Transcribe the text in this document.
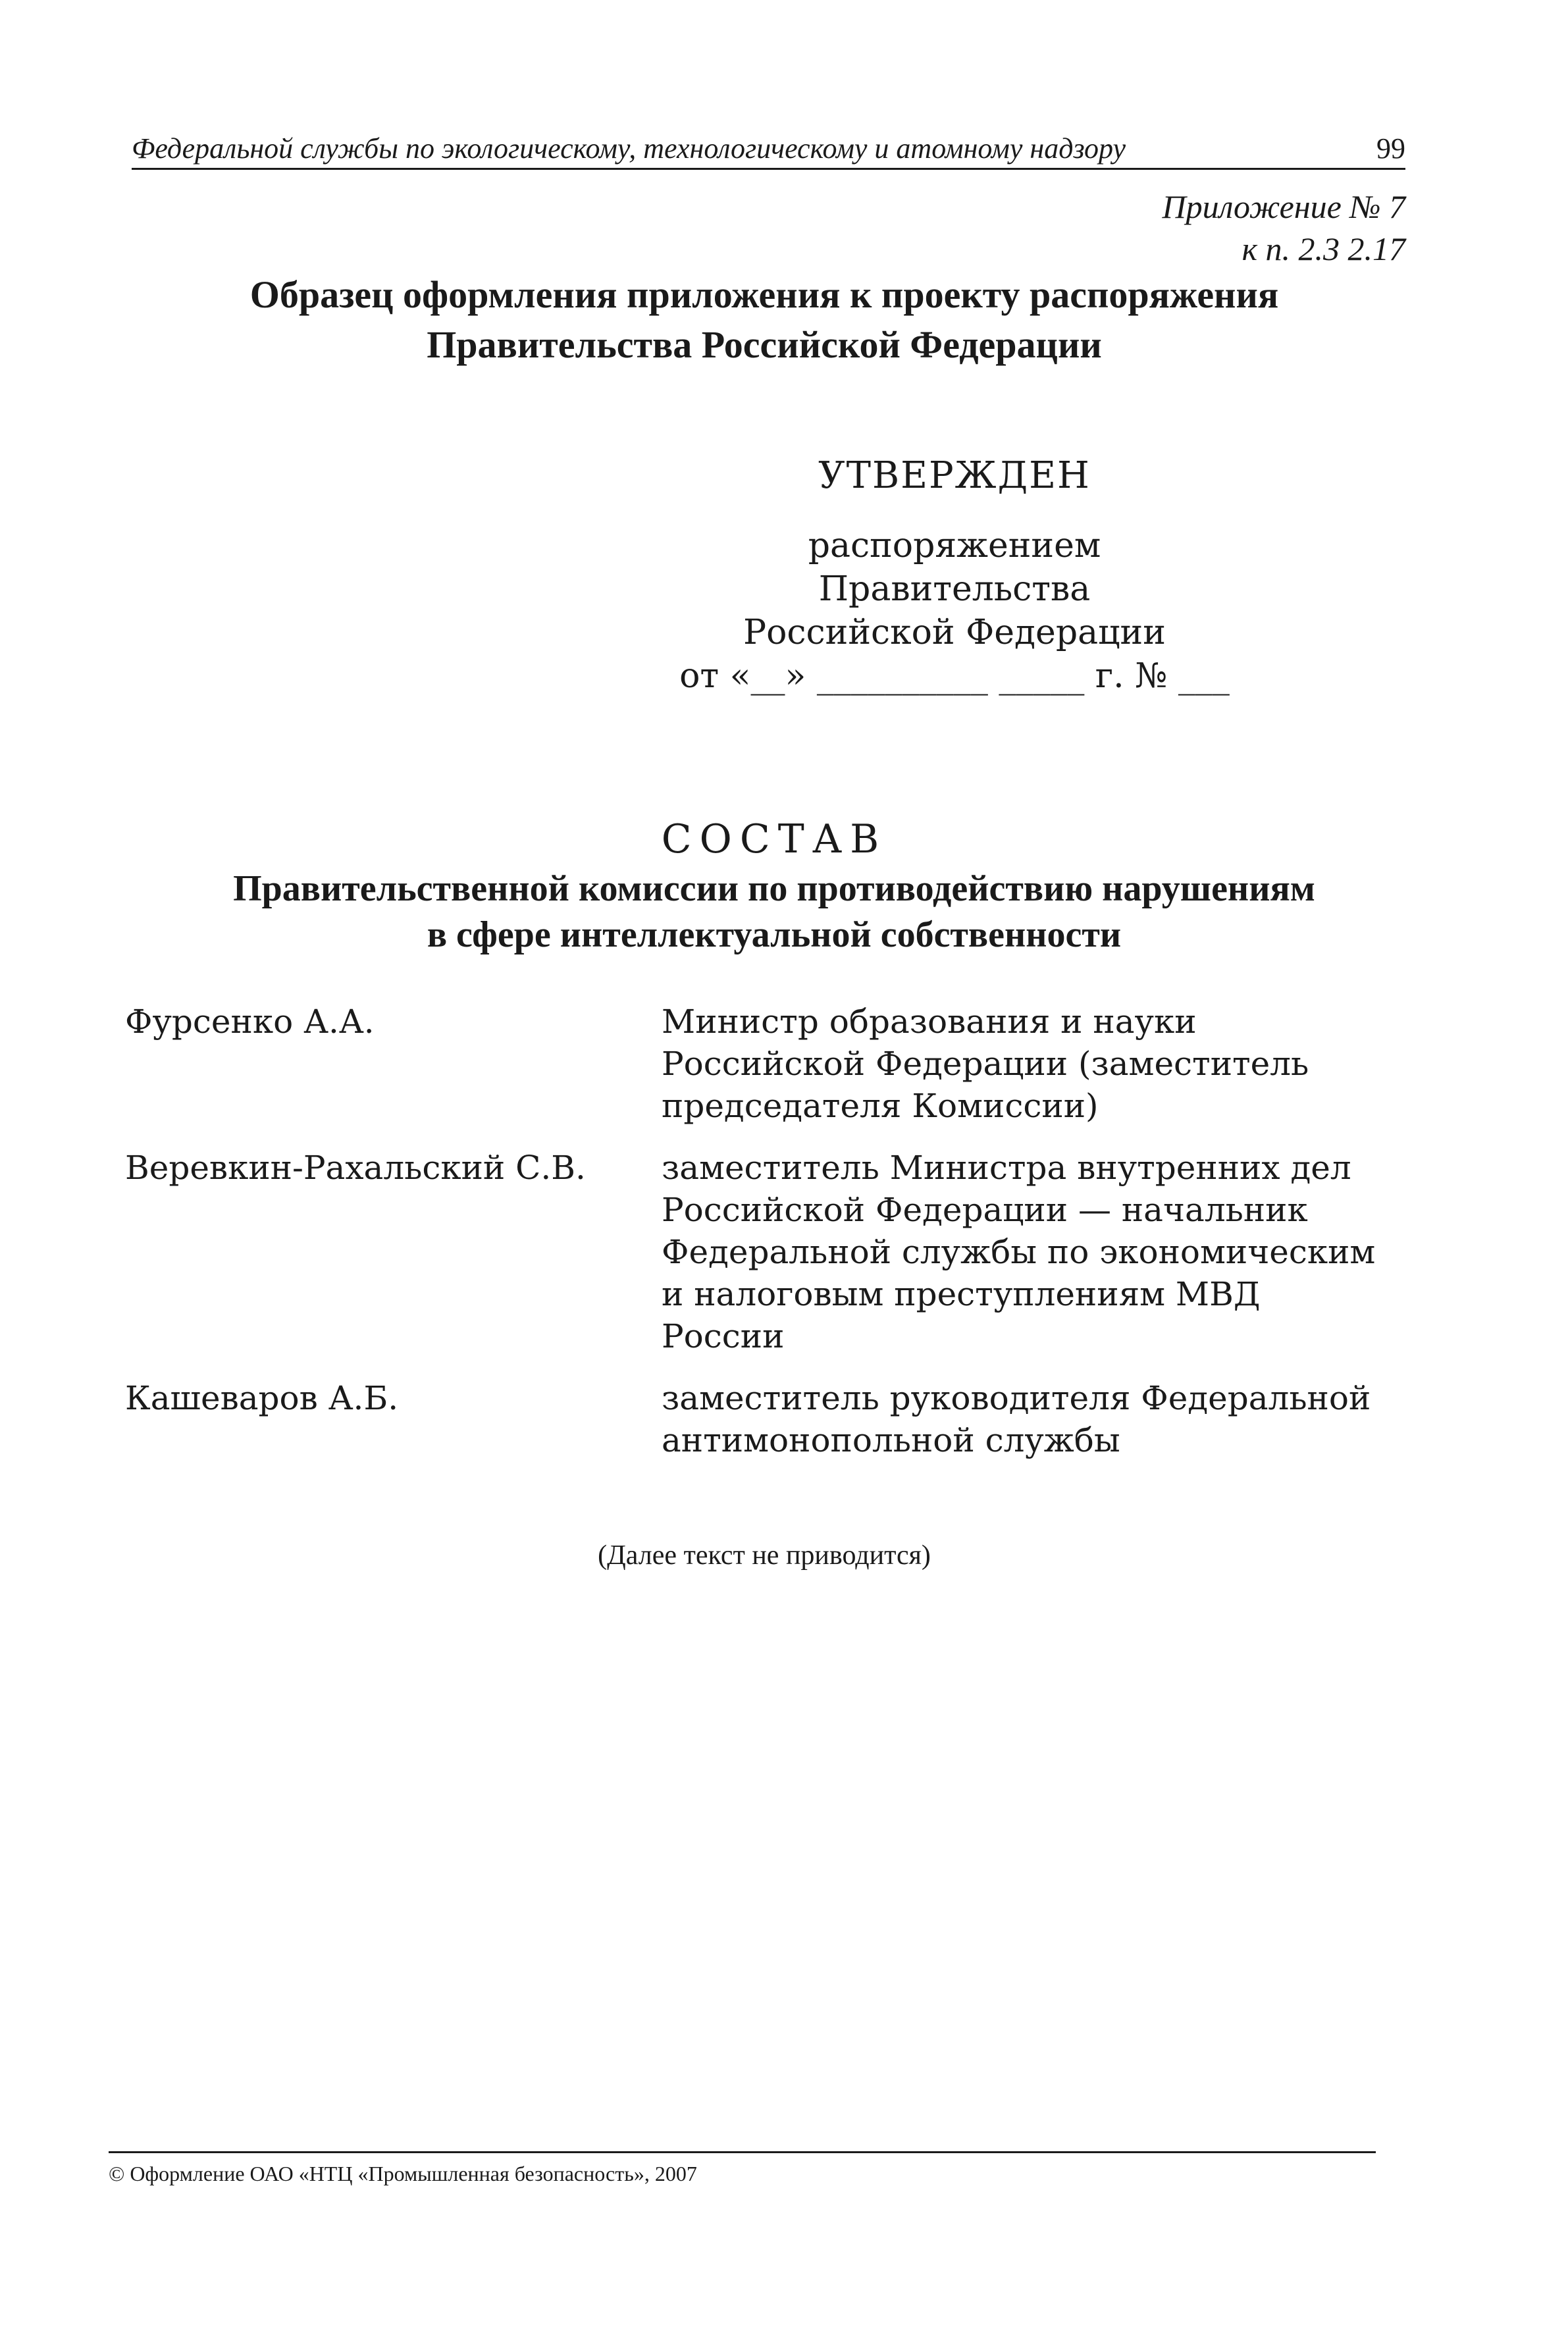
Федеральной службы по экологическому, технологическому и атомному надзору	99
Приложение № 7
к п. 2.3 2.17
Образец оформления приложения к проекту распоряжения
Правительства Российской Федерации
УТВЕРЖДЕН
распоряжением Правительства
Российской Федерации
от «__» __________ _____ г. № ___
СОСТАВ
Правительственной комиссии по противодействию нарушениям
в сфере интеллектуальной собственности
Фурсенко А.А.	Министр образования и науки Российской Федерации (заместитель председателя Комиссии)
Веревкин-Рахальский С.В.	заместитель Министра внутренних дел Российской Федерации — начальник Федеральной службы по экономическим и налоговым преступлениям МВД России
Кашеваров А.Б.	заместитель руководителя Федеральной антимонопольной службы
(Далее текст не приводится)
© Оформление ОАО «НТЦ «Промышленная безопасность», 2007
